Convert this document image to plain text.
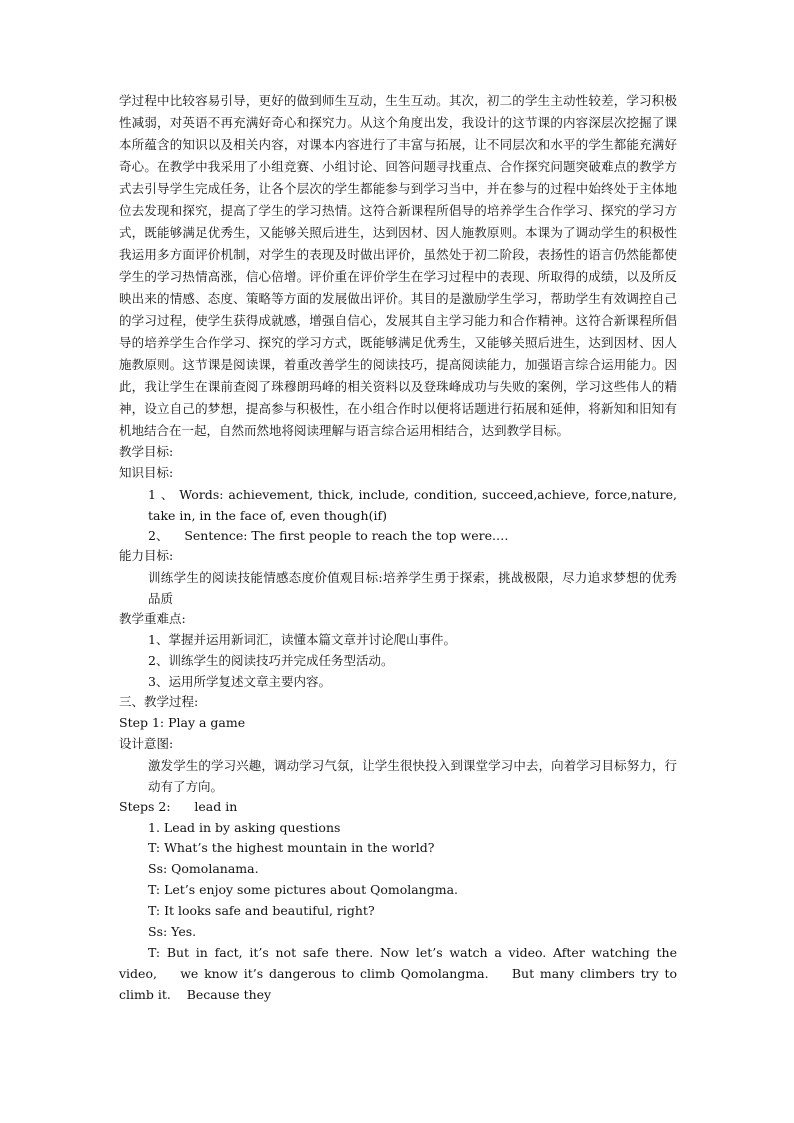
学过程中比较容易引导，更好的做到师生互动，生生互动。其次，初二的学生主动性较差，学习积极性减弱，对英语不再充满好奇心和探究力。从这个角度出发，我设计的这节课的内容深层次挖掘了课本所蕴含的知识以及相关内容，对课本内容进行了丰富与拓展，让不同层次和水平的学生都能充满好奇心。在教学中我采用了小组竞赛、小组讨论、回答问题寻找重点、合作探究问题突破难点的教学方式去引导学生完成任务，让各个层次的学生都能参与到学习当中，并在参与的过程中始终处于主体地位去发现和探究，提高了学生的学习热情。这符合新课程所倡导的培养学生合作学习、探究的学习方式，既能够满足优秀生，又能够关照后进生，达到因材、因人施教原则。本课为了调动学生的积极性我运用多方面评价机制，对学生的表现及时做出评价，虽然处于初二阶段，表扬性的语言仍然能都使学生的学习热情高涨，信心倍增。评价重在评价学生在学习过程中的表现、所取得的成绩，以及所反映出来的情感、态度、策略等方面的发展做出评价。其目的是激励学生学习，帮助学生有效调控自己的学习过程，使学生获得成就感，增强自信心，发展其自主学习能力和合作精神。这符合新课程所倡导的培养学生合作学习、探究的学习方式，既能够满足优秀生，又能够关照后进生，达到因材、因人施教原则。这节课是阅读课，着重改善学生的阅读技巧，提高阅读能力，加强语言综合运用能力。因此，我让学生在课前查阅了珠穆朗玛峰的相关资料以及登珠峰成功与失败的案例，学习这些伟人的精神，设立自己的梦想，提高参与积极性，在小组合作时以便将话题进行拓展和延伸，将新知和旧知有机地结合在一起，自然而然地将阅读理解与语言综合运用相结合，达到教学目标。

教学目标:

知识目标:

1 、 Words: achievement, thick, include, condition, succeed,achieve, force,nature, take in, in the face of, even though(if)

2、    Sentence: The first people to reach the top were.…

能力目标:

训练学生的阅读技能情感态度价值观目标:培养学生勇于探索，挑战极限，尽力追求梦想的优秀品质

教学重难点:

1、掌握并运用新词汇，读懂本篇文章并讨论爬山事件。

2、训练学生的阅读技巧并完成任务型活动。

3、运用所学复述文章主要内容。

三、教学过程:

Step 1: Play a game

设计意图:

激发学生的学习兴趣，调动学习气氛，让学生很快投入到课堂学习中去，向着学习目标努力，行动有了方向。

Steps 2:      lead in

1. Lead in by asking questions

T: What’s the highest mountain in the world?

Ss: Qomolanama.

T: Let’s enjoy some pictures about Qomolangma.

T: It looks safe and beautiful, right?

Ss: Yes.

T: But in fact, it’s not safe there. Now let’s watch a video. After watching the video,    we know it’s dangerous to climb Qomolangma.    But many climbers try to climb it.    Because they
